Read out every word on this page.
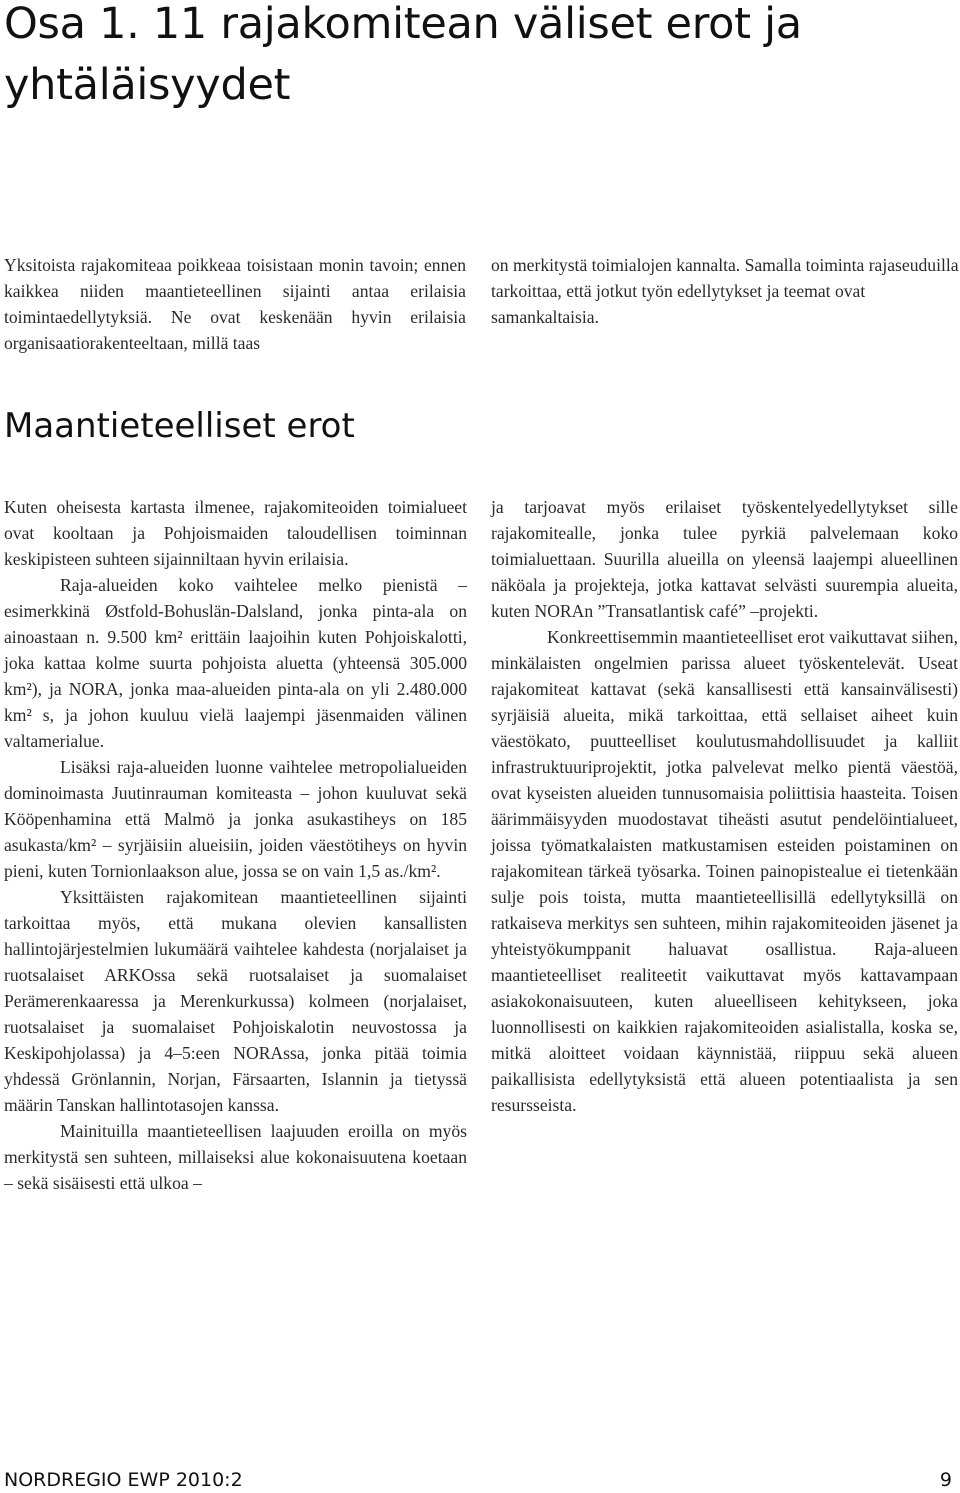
Osa 1. 11 rajakomitean väliset erot ja yhtäläisyydet

Yksitoista rajakomiteaa poikkeaa toisistaan monin tavoin; ennen kaikkea niiden maantieteellinen sijainti antaa erilaisia toimintaedellytyksiä. Ne ovat keskenään hyvin erilaisia organisaatiorakenteeltaan, millä taas

on merkitystä toimialojen kannalta. Samalla toiminta rajaseuduilla tarkoittaa, että jotkut työn edellytykset ja teemat ovat samankaltaisia.

Maantieteelliset erot

Kuten oheisesta kartasta ilmenee, rajakomiteoiden toimialueet ovat kooltaan ja Pohjoismaiden taloudellisen toiminnan keskipisteen suhteen sijainniltaan hyvin erilaisia.

Raja-alueiden koko vaihtelee melko pienistä – esimerkkinä Østfold-Bohuslän-Dalsland, jonka pinta-ala on ainoastaan n. 9.500 km² erittäin laajoihin kuten Pohjoiskalotti, joka kattaa kolme suurta pohjoista aluetta (yhteensä 305.000 km²), ja NORA, jonka maa-alueiden pinta-ala on yli 2.480.000 km² s, ja johon kuuluu vielä laajempi jäsenmaiden välinen valtamerialue.

Lisäksi raja-alueiden luonne vaihtelee metropolialueiden dominoimasta Juutinrauman komiteasta – johon kuuluvat sekä Kööpenhamina että Malmö ja jonka asukastiheys on 185 asukasta/km² – syrjäisiin alueisiin, joiden väestötiheys on hyvin pieni, kuten Tornionlaakson alue, jossa se on vain 1,5 as./km².

Yksittäisten rajakomitean maantieteellinen sijainti tarkoittaa myös, että mukana olevien kansallisten hallintojärjestelmien lukumäärä vaihtelee kahdesta (norjalaiset ja ruotsalaiset ARKOssa sekä ruotsalaiset ja suomalaiset Perämerenkaaressa ja Merenkurkussa) kolmeen (norjalaiset, ruotsalaiset ja suomalaiset Pohjoiskalotin neuvostossa ja Keskipohjolassa) ja 4–5:een NORAssa, jonka pitää toimia yhdessä Grönlannin, Norjan, Färsaarten, Islannin ja tietyssä määrin Tanskan hallintotasojen kanssa.

Mainituilla maantieteellisen laajuuden eroilla on myös merkitystä sen suhteen, millaiseksi alue kokonaisuutena koetaan – sekä sisäisesti että ulkoa –

ja tarjoavat myös erilaiset työskentelyedellytykset sille rajakomitealle, jonka tulee pyrkiä palvelemaan koko toimialuettaan. Suurilla alueilla on yleensä laajempi alueellinen näköala ja projekteja, jotka kattavat selvästi suurempia alueita, kuten NORAn ”Transatlantisk café” –projekti.

Konkreettisemmin maantieteelliset erot vaikuttavat siihen, minkälaisten ongelmien parissa alueet työskentelevät. Useat rajakomiteat kattavat (sekä kansallisesti että kansainvälisesti) syrjäisiä alueita, mikä tarkoittaa, että sellaiset aiheet kuin väestökato, puutteelliset koulutusmahdollisuudet ja kalliit infrastruktuuriprojektit, jotka palvelevat melko pientä väestöä, ovat kyseisten alueiden tunnusomaisia poliittisia haasteita. Toisen äärimmäisyyden muodostavat tiheästi asutut pendelöintialueet, joissa työmatkalaisten matkustamisen esteiden poistaminen on rajakomitean tärkeä työsarka. Toinen painopistealue ei tietenkään sulje pois toista, mutta maantieteellisillä edellytyksillä on ratkaiseva merkitys sen suhteen, mihin rajakomiteoiden jäsenet ja yhteistyökumppanit haluavat osallistua. Raja-alueen maantieteelliset realiteetit vaikuttavat myös kattavampaan asiakokonaisuuteen, kuten alueelliseen kehitykseen, joka luonnollisesti on kaikkien rajakomiteoiden asialistalla, koska se, mitkä aloitteet voidaan käynnistää, riippuu sekä alueen paikallisista edellytyksistä että alueen potentiaalista ja sen resursseista.

NORDREGIO EWP 2010:2	9
